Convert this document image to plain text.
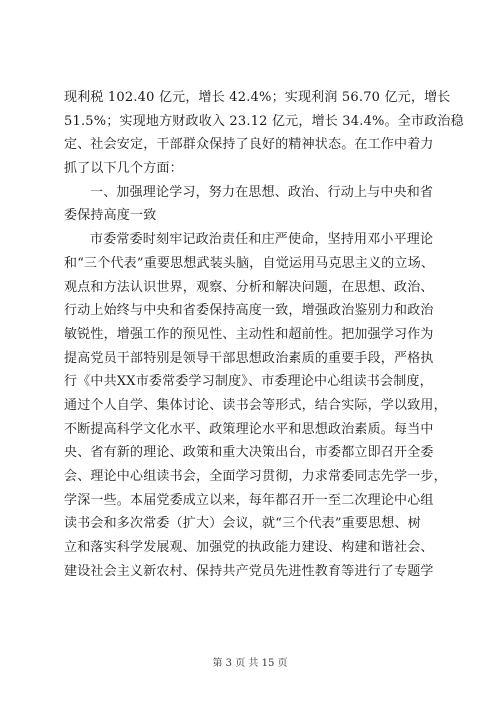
现利税 102.40 亿元，增长 42.4%；实现利润 56.70 亿元，增长
51.5%；实现地方财政收入 23.12 亿元，增长 34.4%。全市政治稳
定、社会安定，干部群众保持了良好的精神状态。在工作中着力
抓了以下几个方面：
一、加强理论学习，努力在思想、政治、行动上与中央和省
委保持高度一致
市委常委时刻牢记政治责任和庄严使命，坚持用邓小平理论
和“三个代表”重要思想武装头脑，自觉运用马克思主义的立场、
观点和方法认识世界，观察、分析和解决问题，在思想、政治、
行动上始终与中央和省委保持高度一致，增强政治鉴别力和政治
敏锐性，增强工作的预见性、主动性和超前性。把加强学习作为
提高党员干部特别是领导干部思想政治素质的重要手段，严格执
行《中共XX市委常委学习制度》、市委理论中心组读书会制度，
通过个人自学、集体讨论、读书会等形式，结合实际，学以致用，
不断提高科学文化水平、政策理论水平和思想政治素质。每当中
央、省有新的理论、政策和重大决策出台，市委都立即召开全委
会、理论中心组读书会，全面学习贯彻，力求常委同志先学一步，
学深一些。本届党委成立以来，每年都召开一至二次理论中心组
读书会和多次常委（扩大）会议，就“三个代表”重要思想、树
立和落实科学发展观、加强党的执政能力建设、构建和谐社会、
建设社会主义新农村、保持共产党员先进性教育等进行了专题学
第 3 页 共 15 页
